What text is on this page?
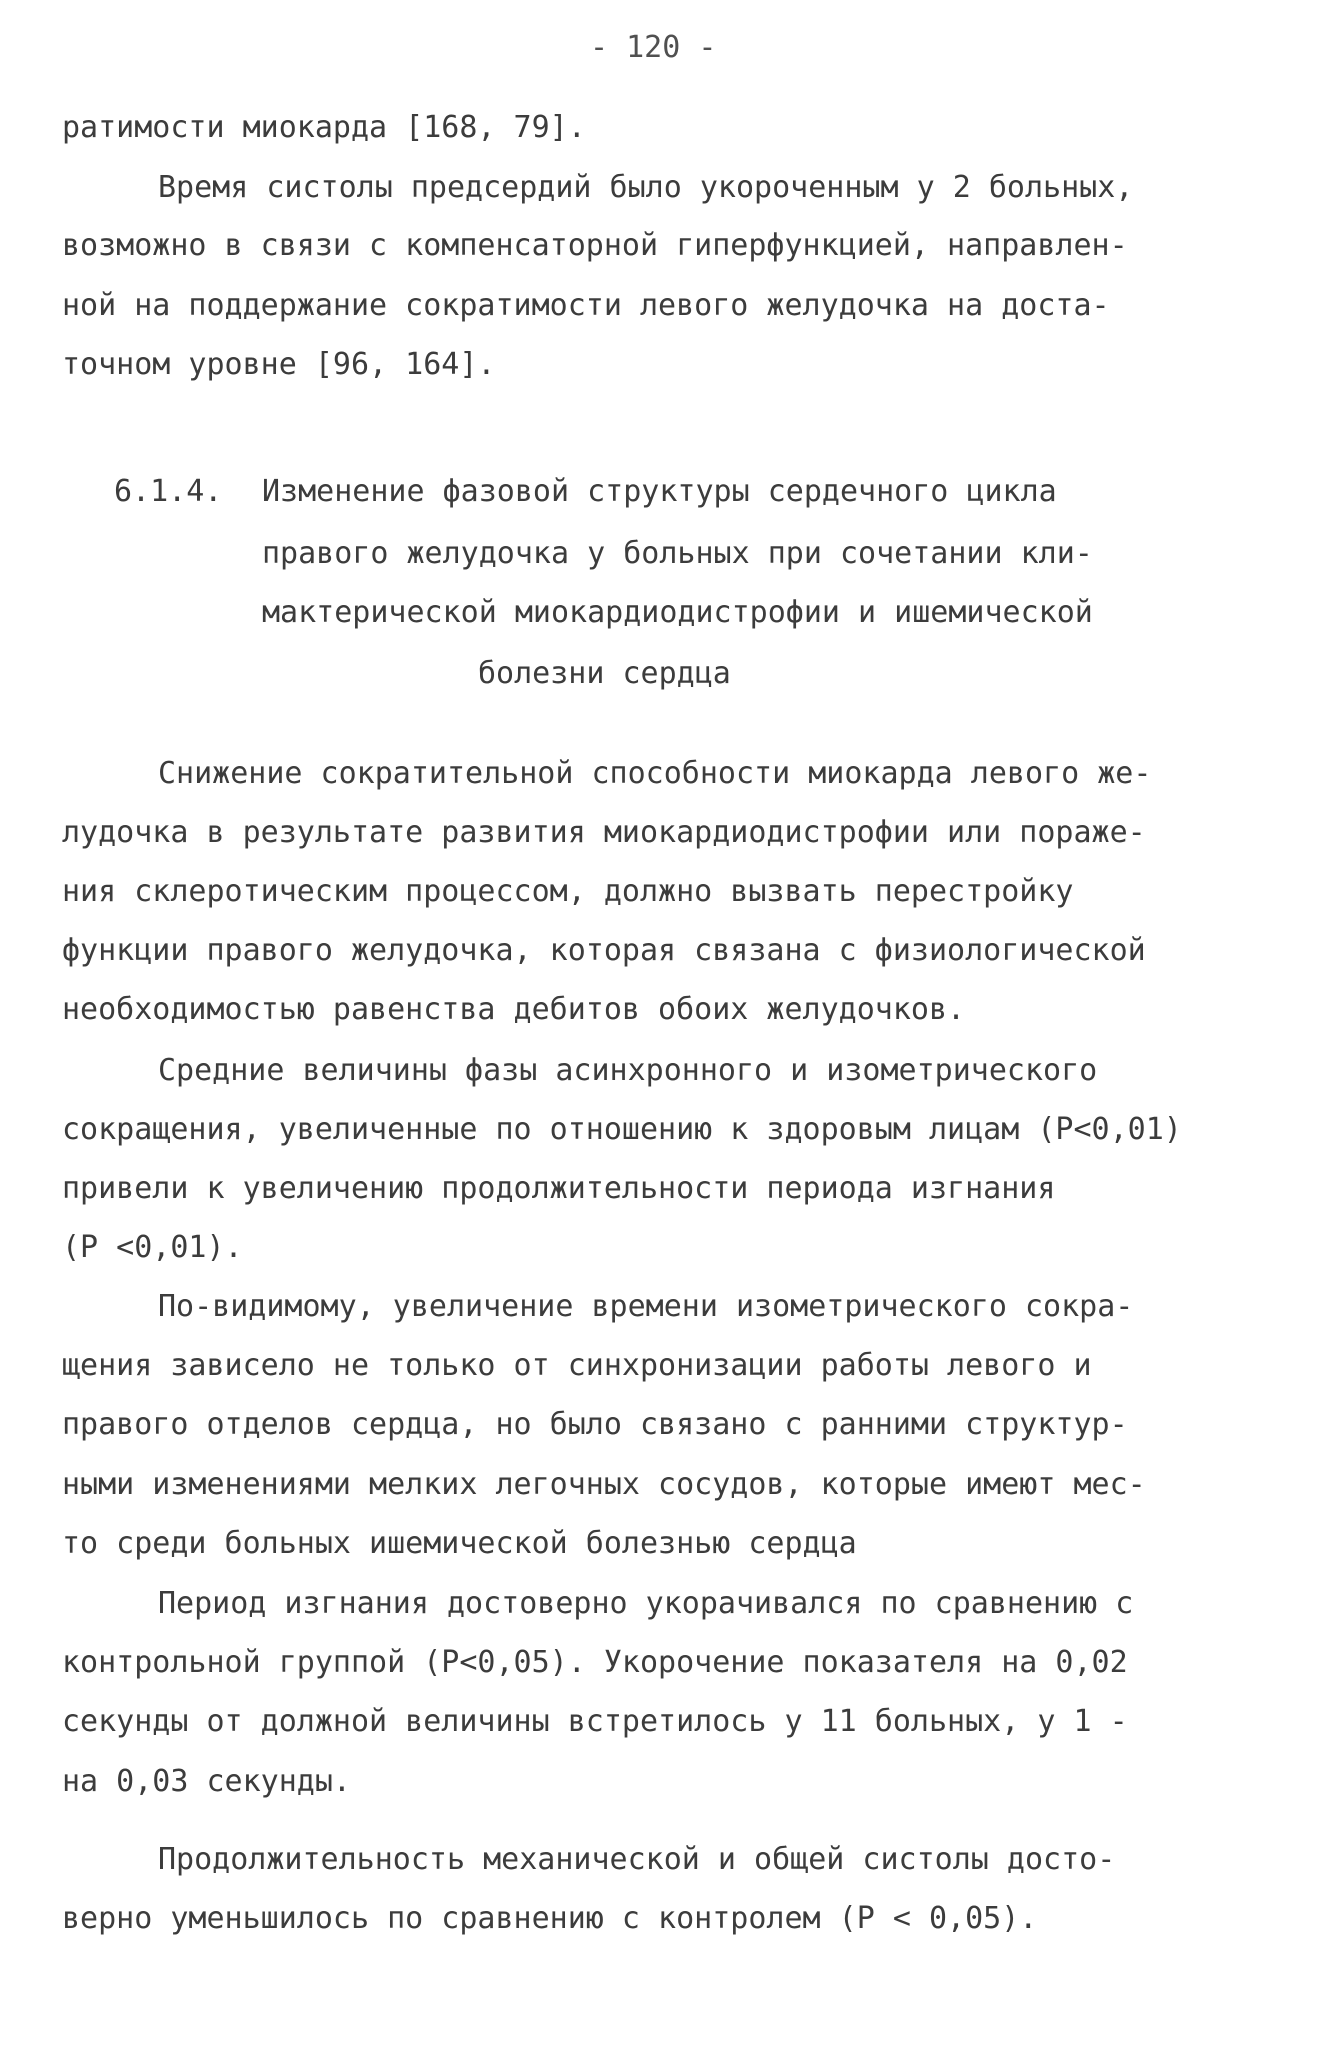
- 120 -
ратимости миокарда [168, 79].
Время систолы предсердий было укороченным у 2 больных,
возможно в связи с компенсаторной гиперфункцией, направлен-
ной на поддержание сократимости левого желудочка на доста-
точном уровне [96, 164].
6.1.4. Изменение фазовой структуры сердечного цикла
правого желудочка у больных при сочетании кли-
мактерической миокардиодистрофии и ишемической
болезни сердца
Снижение сократительной способности миокарда левого же-
лудочка в результате развития миокардиодистрофии или пораже-
ния склеротическим процессом, должно вызвать перестройку
функции правого желудочка, которая связана с физиологической
необходимостью равенства дебитов обоих желудочков.
Средние величины фазы асинхронного и изометрического
сокращения, увеличенные по отношению к здоровым лицам (Р<0,01)
привели к увеличению продолжительности периода изгнания
(Р <0,01).
По-видимому, увеличение времени изометрического сокра-
щения зависело не только от синхронизации работы левого и
правого отделов сердца, но было связано с ранними структур-
ными изменениями мелких легочных сосудов, которые имеют мес-
то среди больных ишемической болезнью сердца
Период изгнания достоверно укорачивался по сравнению с
контрольной группой (Р<0,05). Укорочение показателя на 0,02
секунды от должной величины встретилось у 11 больных, у 1 -
на 0,03 секунды.
Продолжительность механической и общей систолы досто-
верно уменьшилось по сравнению с контролем (Р < 0,05).
